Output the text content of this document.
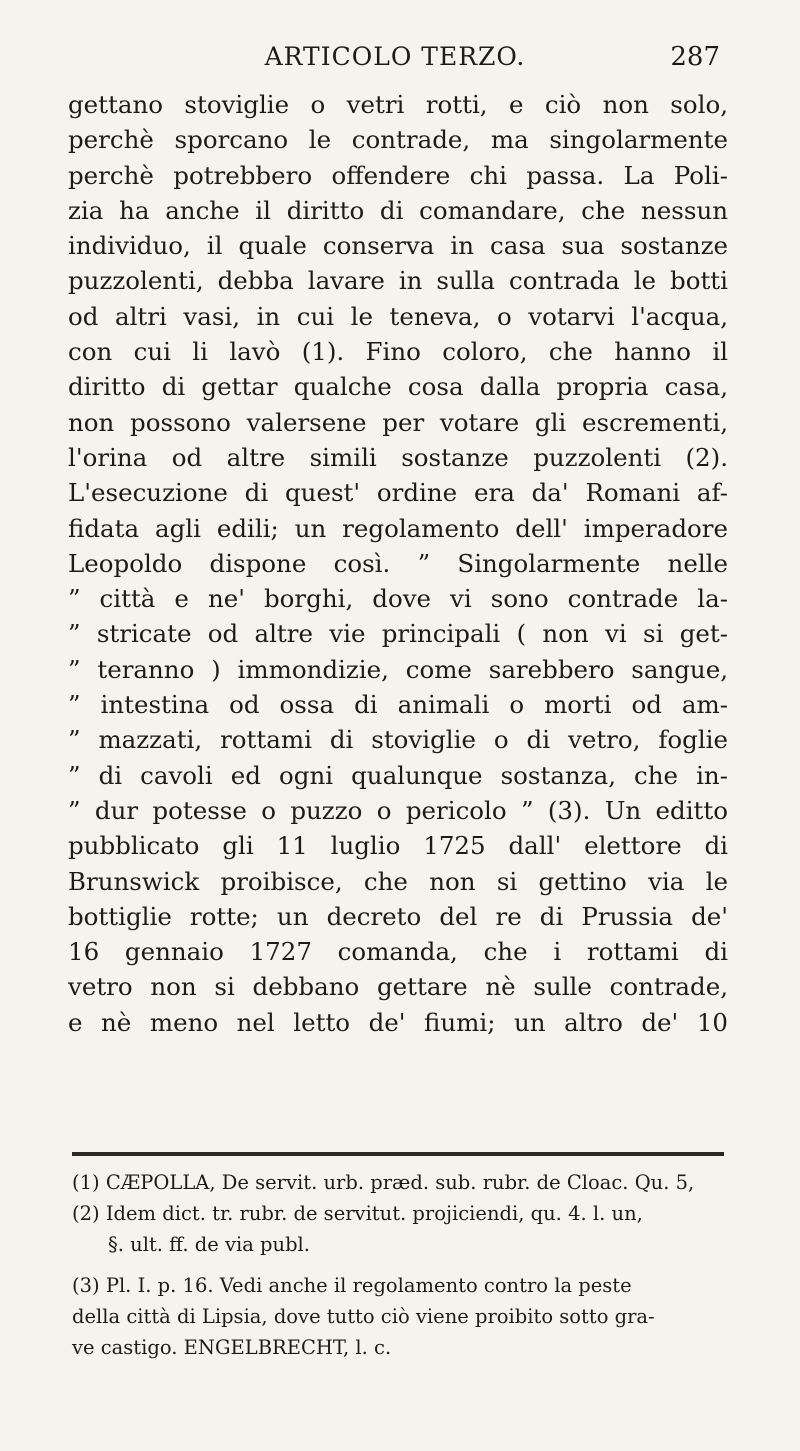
ARTICOLO TERZO.	287
gettano stoviglie o vetri rotti, e ciò non solo,
perchè sporcano le contrade, ma singolarmente
perchè potrebbero offendere chi passa. La Poli-
zia ha anche il diritto di comandare, che nessun
individuo, il quale conserva in casa sua sostanze
puzzolenti, debba lavare in sulla contrada le botti
od altri vasi, in cui le teneva, o votarvi l'acqua,
con cui li lavò (1). Fino coloro, che hanno il
diritto di gettar qualche cosa dalla propria casa,
non possono valersene per votare gli escrementi,
l'orina od altre simili sostanze puzzolenti (2).
L'esecuzione di quest' ordine era da' Romani af-
fidata agli edili; un regolamento dell' imperadore
Leopoldo dispone così. ” Singolarmente nelle
” città e ne' borghi, dove vi sono contrade la-
” stricate od altre vie principali ( non vi si get-
” teranno ) immondizie, come sarebbero sangue,
” intestina od ossa di animali o morti od am-
” mazzati, rottami di stoviglie o di vetro, foglie
” di cavoli ed ogni qualunque sostanza, che in-
” dur potesse o puzzo o pericolo ” (3). Un editto
pubblicato gli 11 luglio 1725 dall' elettore di
Brunswick proibisce, che non si gettino via le
bottiglie rotte; un decreto del re di Prussia de'
16 gennaio 1727 comanda, che i rottami di
vetro non si debbano gettare nè sulle contrade,
e nè meno nel letto de' fiumi; un altro de' 10
(1) CÆPOLLA, De servit. urb. præd. sub. rubr. de Cloac. Qu. 5,
(2) Idem dict. tr. rubr. de servitut. projiciendi, qu. 4. l. un,
§. ult. ff. de via publ.
(3) Pl. I. p. 16. Vedi anche il regolamento contro la peste
della città di Lipsia, dove tutto ciò viene proibito sotto gra-
ve castigo. ENGELBRECHT, l. c.
